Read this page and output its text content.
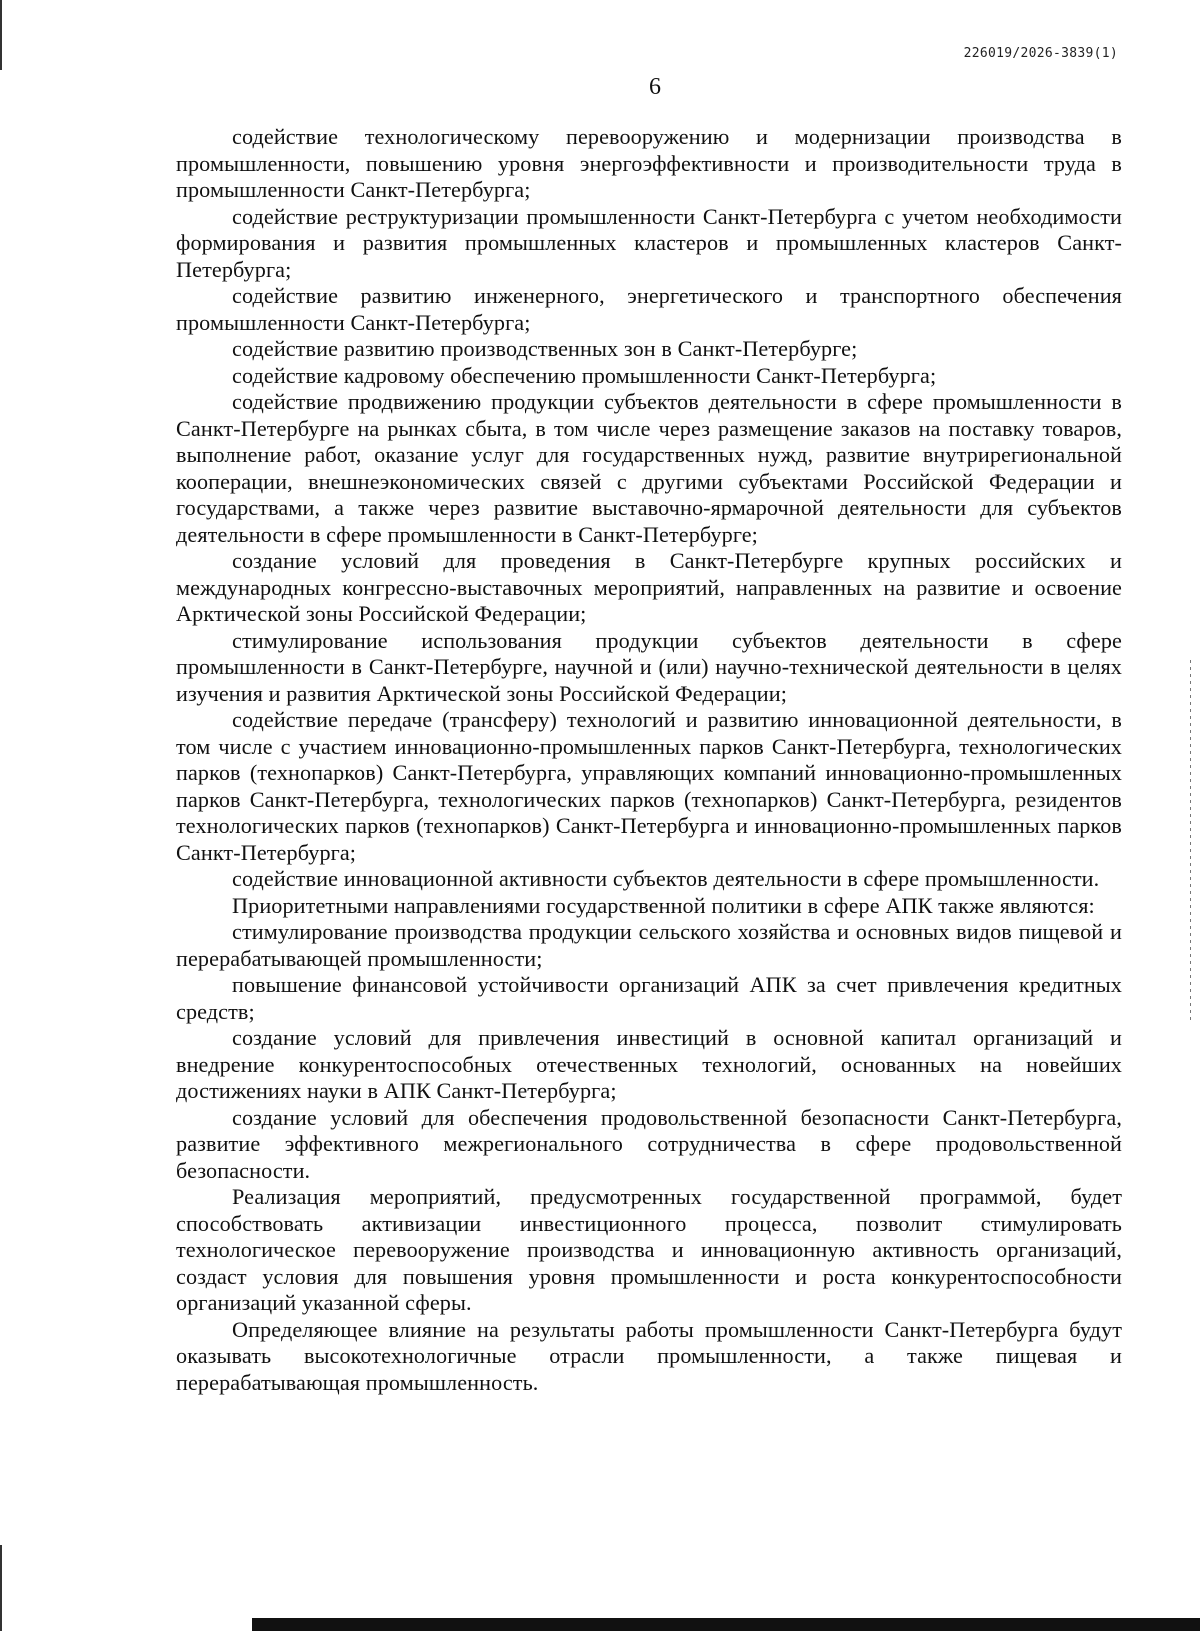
226019/2026-3839(1)
6

содействие технологическому перевооружению и модернизации производства в промышленности, повышению уровня энергоэффективности и производительности труда в промышленности Санкт-Петербурга;

содействие реструктуризации промышленности Санкт-Петербурга с учетом необходимости формирования и развития промышленных кластеров и промышленных кластеров Санкт-Петербурга;

содействие развитию инженерного, энергетического и транспортного обеспечения промышленности Санкт-Петербурга;

содействие развитию производственных зон в Санкт-Петербурге;

содействие кадровому обеспечению промышленности Санкт-Петербурга;

содействие продвижению продукции субъектов деятельности в сфере промышленности в Санкт-Петербурге на рынках сбыта, в том числе через размещение заказов на поставку товаров, выполнение работ, оказание услуг для государственных нужд, развитие внутрирегиональной кооперации, внешнеэкономических связей с другими субъектами Российской Федерации и государствами, а также через развитие выставочно-ярмарочной деятельности для субъектов деятельности в сфере промышленности в Санкт-Петербурге;

создание условий для проведения в Санкт-Петербурге крупных российских и международных конгрессно-выставочных мероприятий, направленных на развитие и освоение Арктической зоны Российской Федерации;

стимулирование использования продукции субъектов деятельности в сфере промышленности в Санкт-Петербурге, научной и (или) научно-технической деятельности в целях изучения и развития Арктической зоны Российской Федерации;

содействие передаче (трансферу) технологий и развитию инновационной деятельности, в том числе с участием инновационно-промышленных парков Санкт-Петербурга, технологических парков (технопарков) Санкт-Петербурга, управляющих компаний инновационно-промышленных парков Санкт-Петербурга, технологических парков (технопарков) Санкт-Петербурга, резидентов технологических парков (технопарков) Санкт-Петербурга и инновационно-промышленных парков Санкт-Петербурга;

содействие инновационной активности субъектов деятельности в сфере промышленности.

Приоритетными направлениями государственной политики в сфере АПК также являются:

стимулирование производства продукции сельского хозяйства и основных видов пищевой и перерабатывающей промышленности;

повышение финансовой устойчивости организаций АПК за счет привлечения кредитных средств;

создание условий для привлечения инвестиций в основной капитал организаций и внедрение конкурентоспособных отечественных технологий, основанных на новейших достижениях науки в АПК Санкт-Петербурга;

создание условий для обеспечения продовольственной безопасности Санкт-Петербурга, развитие эффективного межрегионального сотрудничества в сфере продовольственной безопасности.

Реализация мероприятий, предусмотренных государственной программой, будет способствовать активизации инвестиционного процесса, позволит стимулировать технологическое перевооружение производства и инновационную активность организаций, создаст условия для повышения уровня промышленности и роста конкурентоспособности организаций указанной сферы.

Определяющее влияние на результаты работы промышленности Санкт-Петербурга будут оказывать высокотехнологичные отрасли промышленности, а также пищевая и перерабатывающая промышленность.
